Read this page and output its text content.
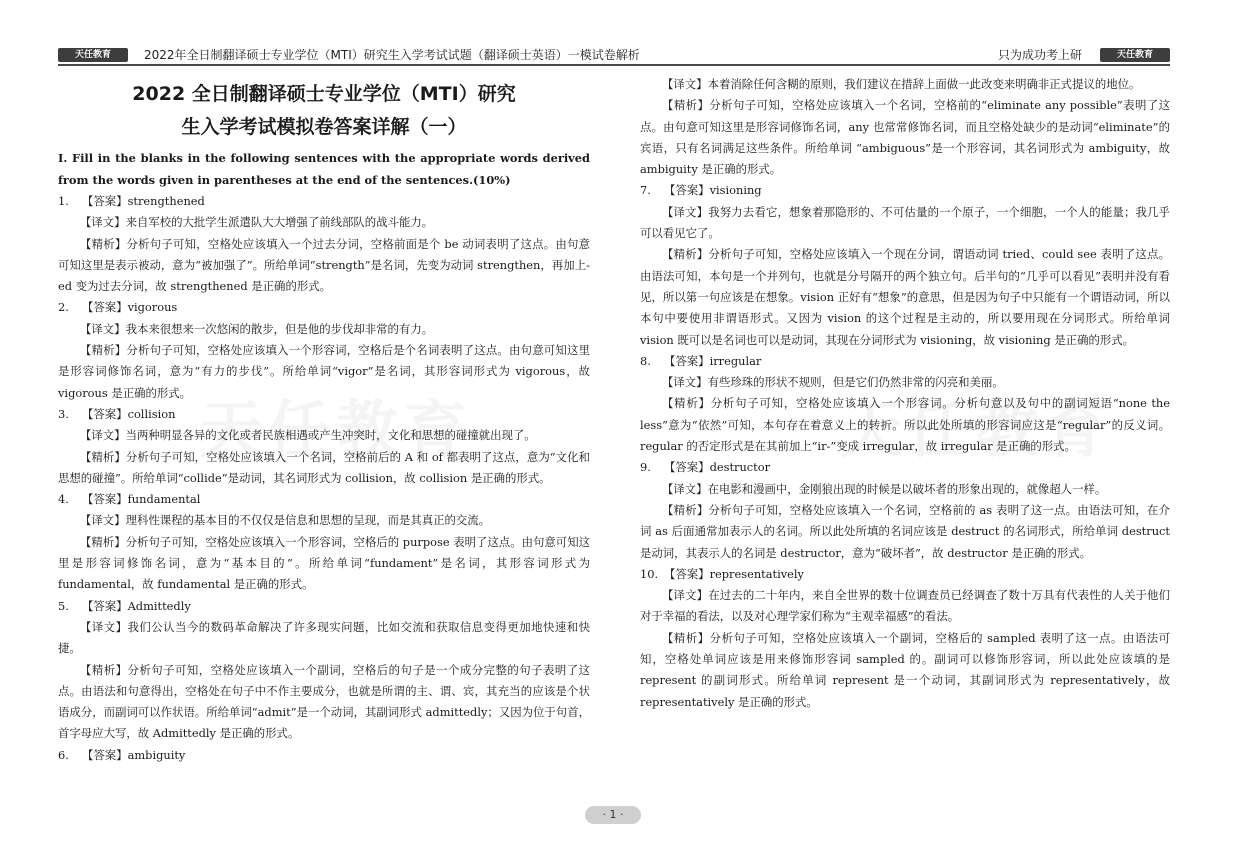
天任教育	2022年全日制翻译硕士专业学位（MTI）研究生入学考试试题（翻译硕士英语）一模试卷解析	只为成功考上研	天任教育
2022 全日制翻译硕士专业学位（MTI）研究
生入学考试模拟卷答案详解（一）

I. Fill in the blanks in the following sentences with the appropriate words derived from the words given in parentheses at the end of the sentences.(10%)

1. 【答案】strengthened

【译文】来自军校的大批学生派遣队大大增强了前线部队的战斗能力。

【精析】分析句子可知，空格处应该填入一个过去分词，空格前面是个 be 动词表明了这点。由句意可知这里是表示被动，意为“被加强了”。所给单词“strength”是名词，先变为动词 strengthen，再加上-ed 变为过去分词，故 strengthened 是正确的形式。

2. 【答案】vigorous

【译文】我本来很想来一次悠闲的散步，但是他的步伐却非常的有力。

【精析】分析句子可知，空格处应该填入一个形容词，空格后是个名词表明了这点。由句意可知这里是形容词修饰名词，意为“有力的步伐”。所给单词“vigor”是名词，其形容词形式为 vigorous，故 vigorous 是正确的形式。

3. 【答案】collision

【译文】当两种明显各异的文化或者民族相遇或产生冲突时，文化和思想的碰撞就出现了。

【精析】分析句子可知，空格处应该填入一个名词，空格前后的 A 和 of 都表明了这点，意为“文化和思想的碰撞”。所给单词“collide”是动词，其名词形式为 collision，故 collision 是正确的形式。

4. 【答案】fundamental

【译文】理科性课程的基本目的不仅仅是信息和思想的呈现，而是其真正的交流。

【精析】分析句子可知，空格处应该填入一个形容词，空格后的 purpose 表明了这点。由句意可知这里是形容词修饰名词，意为“基本目的”。所给单词“fundament”是名词，其形容词形式为 fundamental，故 fundamental 是正确的形式。

5. 【答案】Admittedly

【译文】我们公认当今的数码革命解决了许多现实问题，比如交流和获取信息变得更加地快速和快捷。

【精析】分析句子可知，空格处应该填入一个副词，空格后的句子是一个成分完整的句子表明了这点。由语法和句意得出，空格处在句子中不作主要成分，也就是所谓的主、谓、宾，其充当的应该是个状语成分，而副词可以作状语。所给单词“admit”是一个动词，其副词形式 admittedly；又因为位于句首，首字母应大写，故 Admittedly 是正确的形式。

6. 【答案】ambiguity

【译文】本着消除任何含糊的原则，我们建议在措辞上面做一此改变来明确非正式提议的地位。

【精析】分析句子可知，空格处应该填入一个名词，空格前的“eliminate any possible”表明了这点。由句意可知这里是形容词修饰名词，any 也常常修饰名词，而且空格处缺少的是动词“eliminate”的宾语，只有名词满足这些条件。所给单词 “ambiguous”是一个形容词，其名词形式为 ambiguity，故 ambiguity 是正确的形式。

7. 【答案】visioning

【译文】我努力去看它，想象着那隐形的、不可估量的一个原子，一个细胞，一个人的能量；我几乎可以看见它了。

【精析】分析句子可知，空格处应该填入一个现在分词，谓语动词 tried、could see 表明了这点。由语法可知，本句是一个并列句，也就是分号隔开的两个独立句。后半句的“几乎可以看见”表明并没有看见，所以第一句应该是在想象。vision 正好有“想象”的意思，但是因为句子中只能有一个谓语动词，所以本句中要使用非谓语形式。又因为 vision 的这个过程是主动的，所以要用现在分词形式。所给单词 vision 既可以是名词也可以是动词，其现在分词形式为 visioning，故 visioning 是正确的形式。

8. 【答案】irregular

【译文】有些珍珠的形状不规则，但是它们仍然非常的闪亮和美丽。

【精析】分析句子可知，空格处应该填入一个形容词。分析句意以及句中的副词短语“none the less”意为“依然”可知，本句存在着意义上的转折。所以此处所填的形容词应这是“regular”的反义词。regular 的否定形式是在其前加上“ir-”变成 irregular，故 irregular 是正确的形式。

9. 【答案】destructor

【译文】在电影和漫画中，金刚狼出现的时候是以破坏者的形象出现的，就像超人一样。

【精析】分析句子可知，空格处应该填入一个名词，空格前的 as 表明了这一点。由语法可知，在介词 as 后面通常加表示人的名词。所以此处所填的名词应该是 destruct 的名词形式，所给单词 destruct 是动词，其表示人的名词是 destructor，意为“破坏者”，故 destructor 是正确的形式。

10. 【答案】representatively

【译文】在过去的二十年内，来自全世界的数十位调查员已经调查了数十万具有代表性的人关于他们对于幸福的看法，以及对心理学家们称为“主观幸福感”的看法。

【精析】分析句子可知，空格处应该填入一个副词，空格后的 sampled 表明了这一点。由语法可知，空格处单词应该是用来修饰形容词 sampled 的。副词可以修饰形容词，所以此处应该填的是 represent 的副词形式。所给单词 represent 是一个动词，其副词形式为 representatively，故 representatively 是正确的形式。

· 1 ·
